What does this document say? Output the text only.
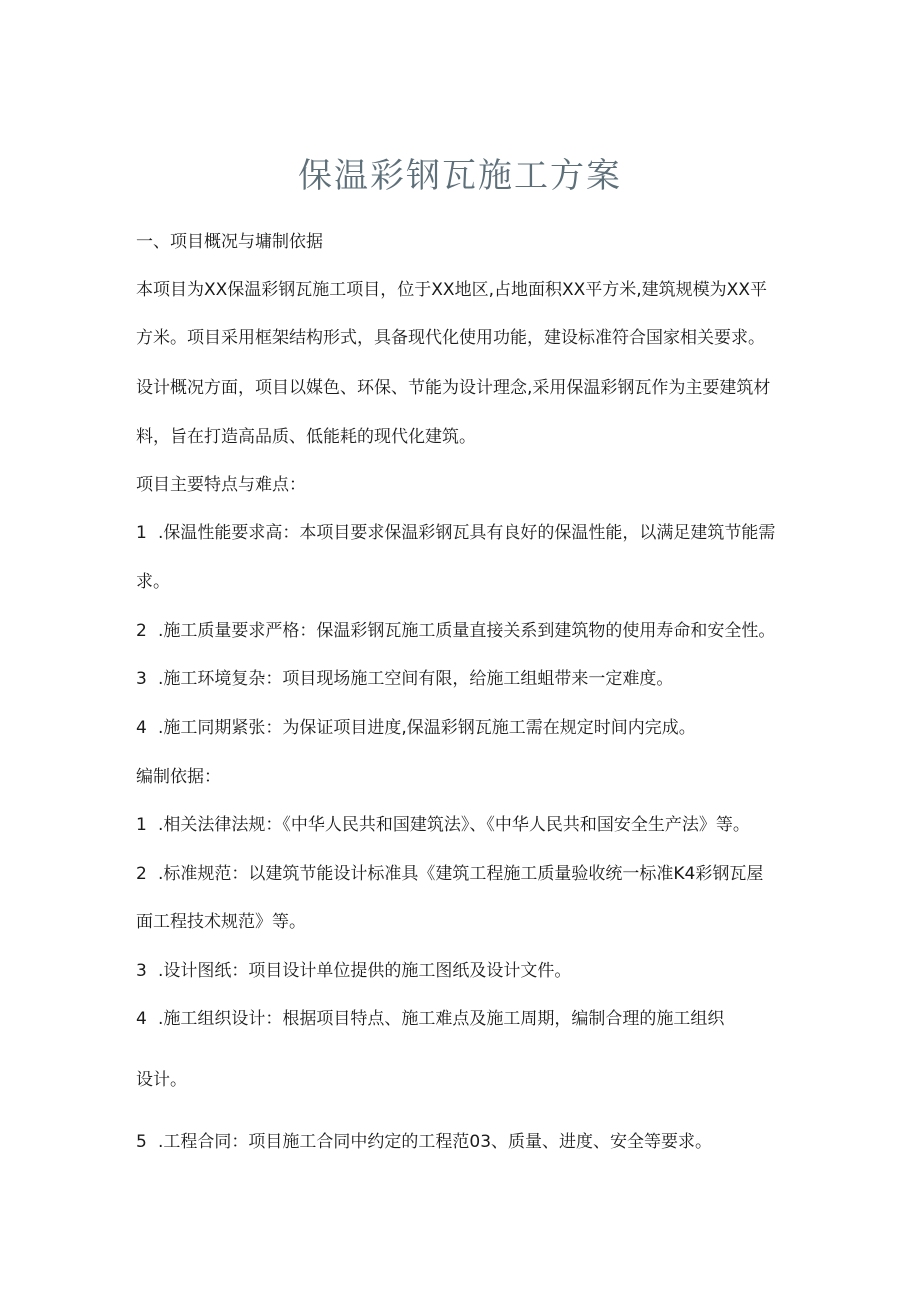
保温彩钢瓦施工方案

一、项目概况与墉制依据

本项目为XX保温彩钢瓦施工项目，位于XX地区,占地面积XX平方米,建筑规模为XX平

方米。项目采用框架结构形式，具备现代化使用功能，建设标准符合国家相关要求。

设计概况方面，项目以媒色、环保、节能为设计理念,采用保温彩钢瓦作为主要建筑材

料，旨在打造高品质、低能耗的现代化建筑。

项目主要特点与难点：

1 .保温性能要求高：本项目要求保温彩钢瓦具有良好的保温性能，以满足建筑节能需

求。

2 .施工质量要求严格：保温彩钢瓦施工质量直接关系到建筑物的使用寿命和安全性。

3 .施工环境复杂：项目现场施工空间有限，给施工组蛆带来一定难度。

4 .施工同期紧张：为保证项目进度,保温彩钢瓦施工需在规定时间内完成。

编制依据：

1 .相关法律法规：《中华人民共和国建筑法》、《中华人民共和国安全生产法》等。

2 .标准规范：以建筑节能设计标准具《建筑工程施工质量验收统一标准K4彩钢瓦屋

面工程技术规范》等。

3 .设计图纸：项目设计单位提供的施工图纸及设计文件。

4 .施工组织设计：根据项目特点、施工难点及施工周期，编制合理的施工组织

设计。

5 .工程合同：项目施工合同中约定的工程范03、质量、进度、安全等要求。
